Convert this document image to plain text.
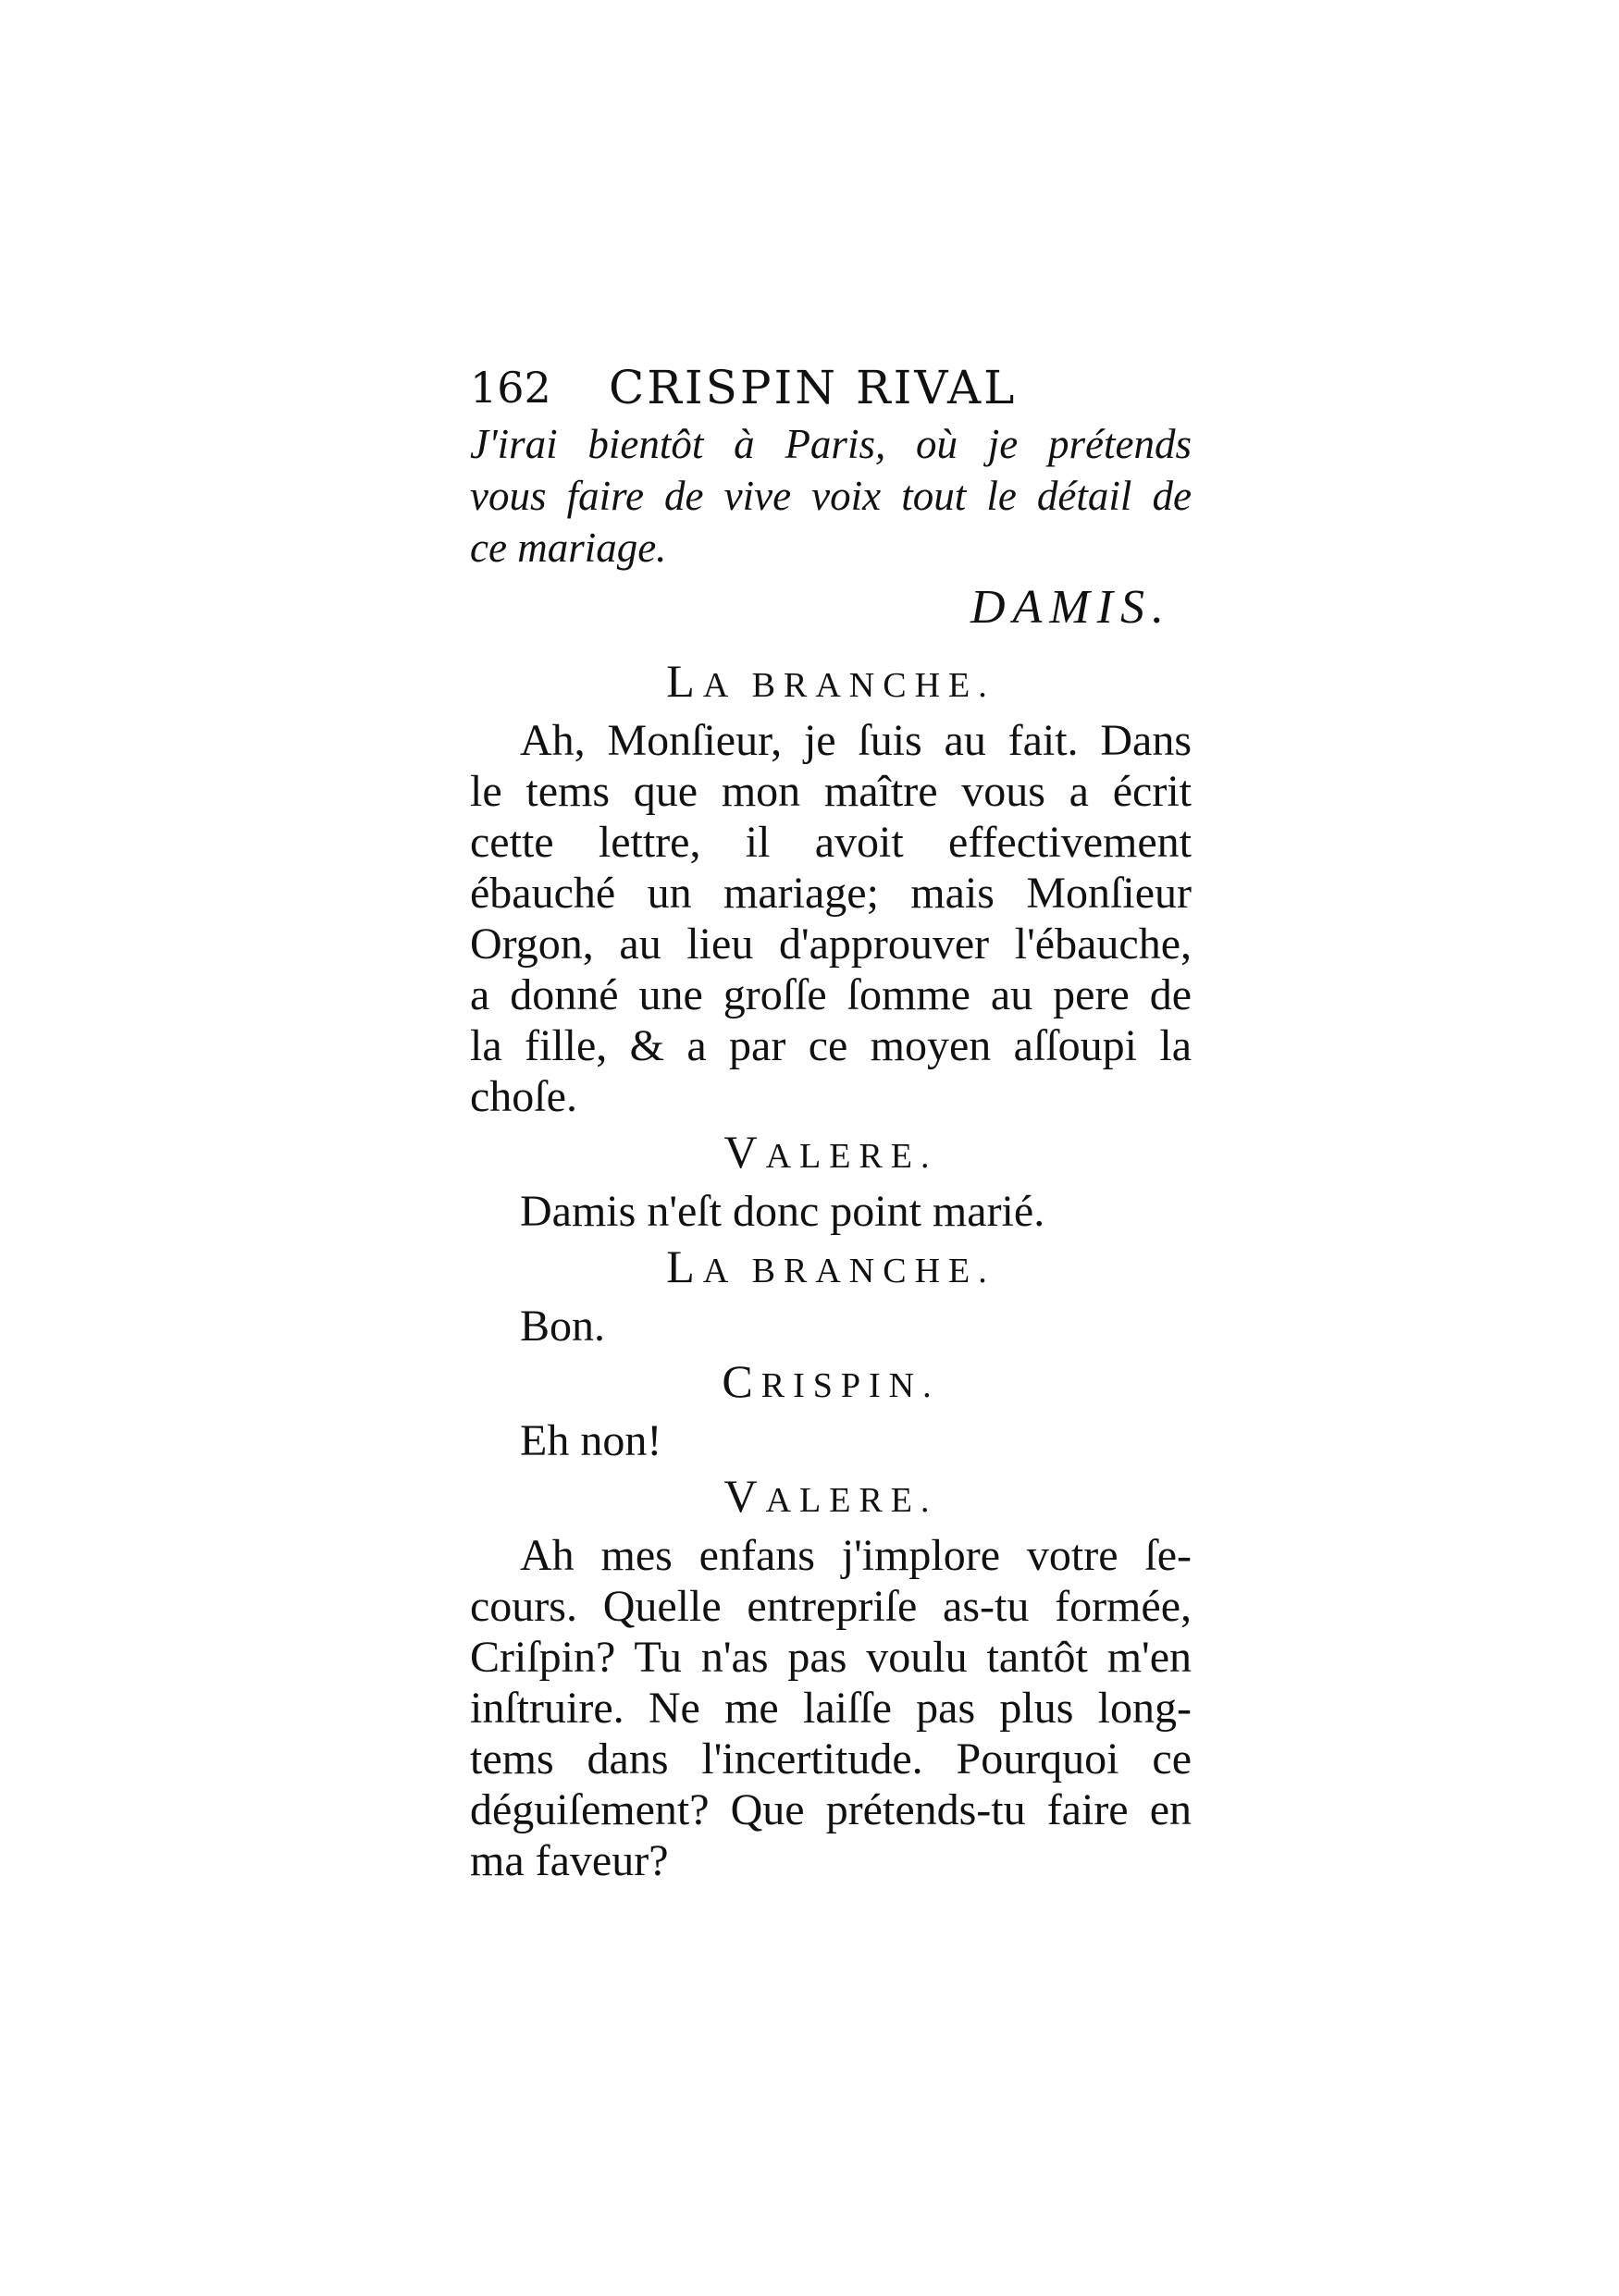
162 CRISPIN RIVAL
J'irai bientôt à Paris, où je prétends
vous faire de vive voix tout le détail de
ce mariage.
DAMIS.
LA BRANCHE.
Ah, Monſieur, je ſuis au fait. Dans
le tems que mon maître vous a écrit
cette lettre, il avoit effectivement
ébauché un mariage; mais Monſieur
Orgon, au lieu d'approuver l'ébauche,
a donné une groſſe ſomme au pere de
la fille, & a par ce moyen aſſoupi la
choſe.
VALERE.
Damis n'eſt donc point marié.
LA BRANCHE.
Bon.
CRISPIN.
Eh non!
VALERE.
Ah mes enfans j'implore votre ſe-
cours. Quelle entrepriſe as-tu formée,
Criſpin? Tu n'as pas voulu tantôt m'en
inſtruire. Ne me laiſſe pas plus long-
tems dans l'incertitude. Pourquoi ce
déguiſement? Que prétends-tu faire en
ma faveur?
